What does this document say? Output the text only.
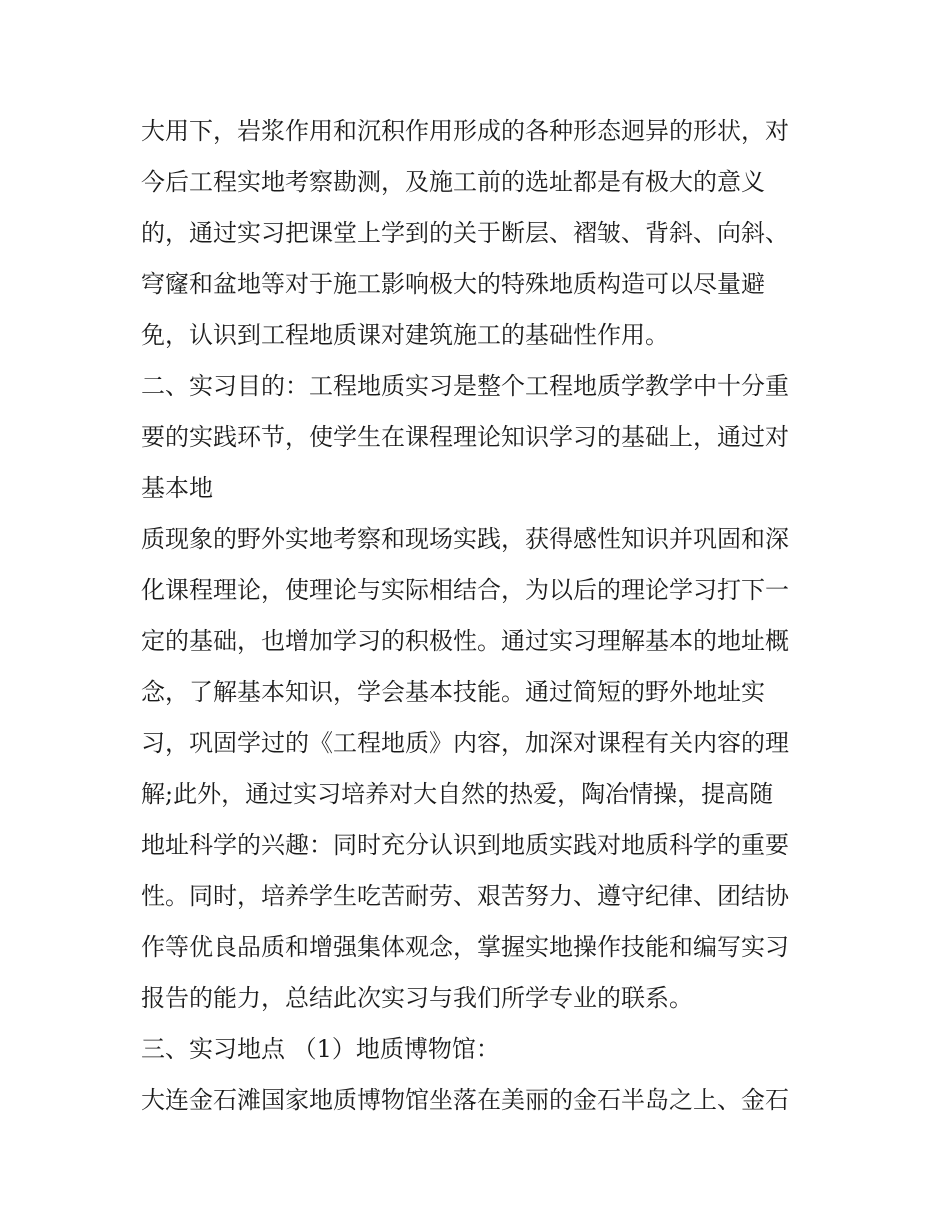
大用下，岩浆作用和沉积作用形成的各种形态迥异的形状，对
今后工程实地考察勘测，及施工前的选址都是有极大的意义
的，通过实习把课堂上学到的关于断层、褶皱、背斜、向斜、
穹窿和盆地等对于施工影响极大的特殊地质构造可以尽量避
免，认识到工程地质课对建筑施工的基础性作用。
二、实习目的：工程地质实习是整个工程地质学教学中十分重
要的实践环节，使学生在课程理论知识学习的基础上，通过对
基本地
质现象的野外实地考察和现场实践，获得感性知识并巩固和深
化课程理论，使理论与实际相结合，为以后的理论学习打下一
定的基础，也增加学习的积极性。通过实习理解基本的地址概
念，了解基本知识，学会基本技能。通过简短的野外地址实
习，巩固学过的《工程地质》内容，加深对课程有关内容的理
解;此外，通过实习培养对大自然的热爱，陶冶情操，提高随
地址科学的兴趣：同时充分认识到地质实践对地质科学的重要
性。同时，培养学生吃苦耐劳、艰苦努力、遵守纪律、团结协
作等优良品质和增强集体观念，掌握实地操作技能和编写实习
报告的能力，总结此次实习与我们所学专业的联系。
三、实习地点 （1）地质博物馆：
大连金石滩国家地质博物馆坐落在美丽的金石半岛之上、金石
